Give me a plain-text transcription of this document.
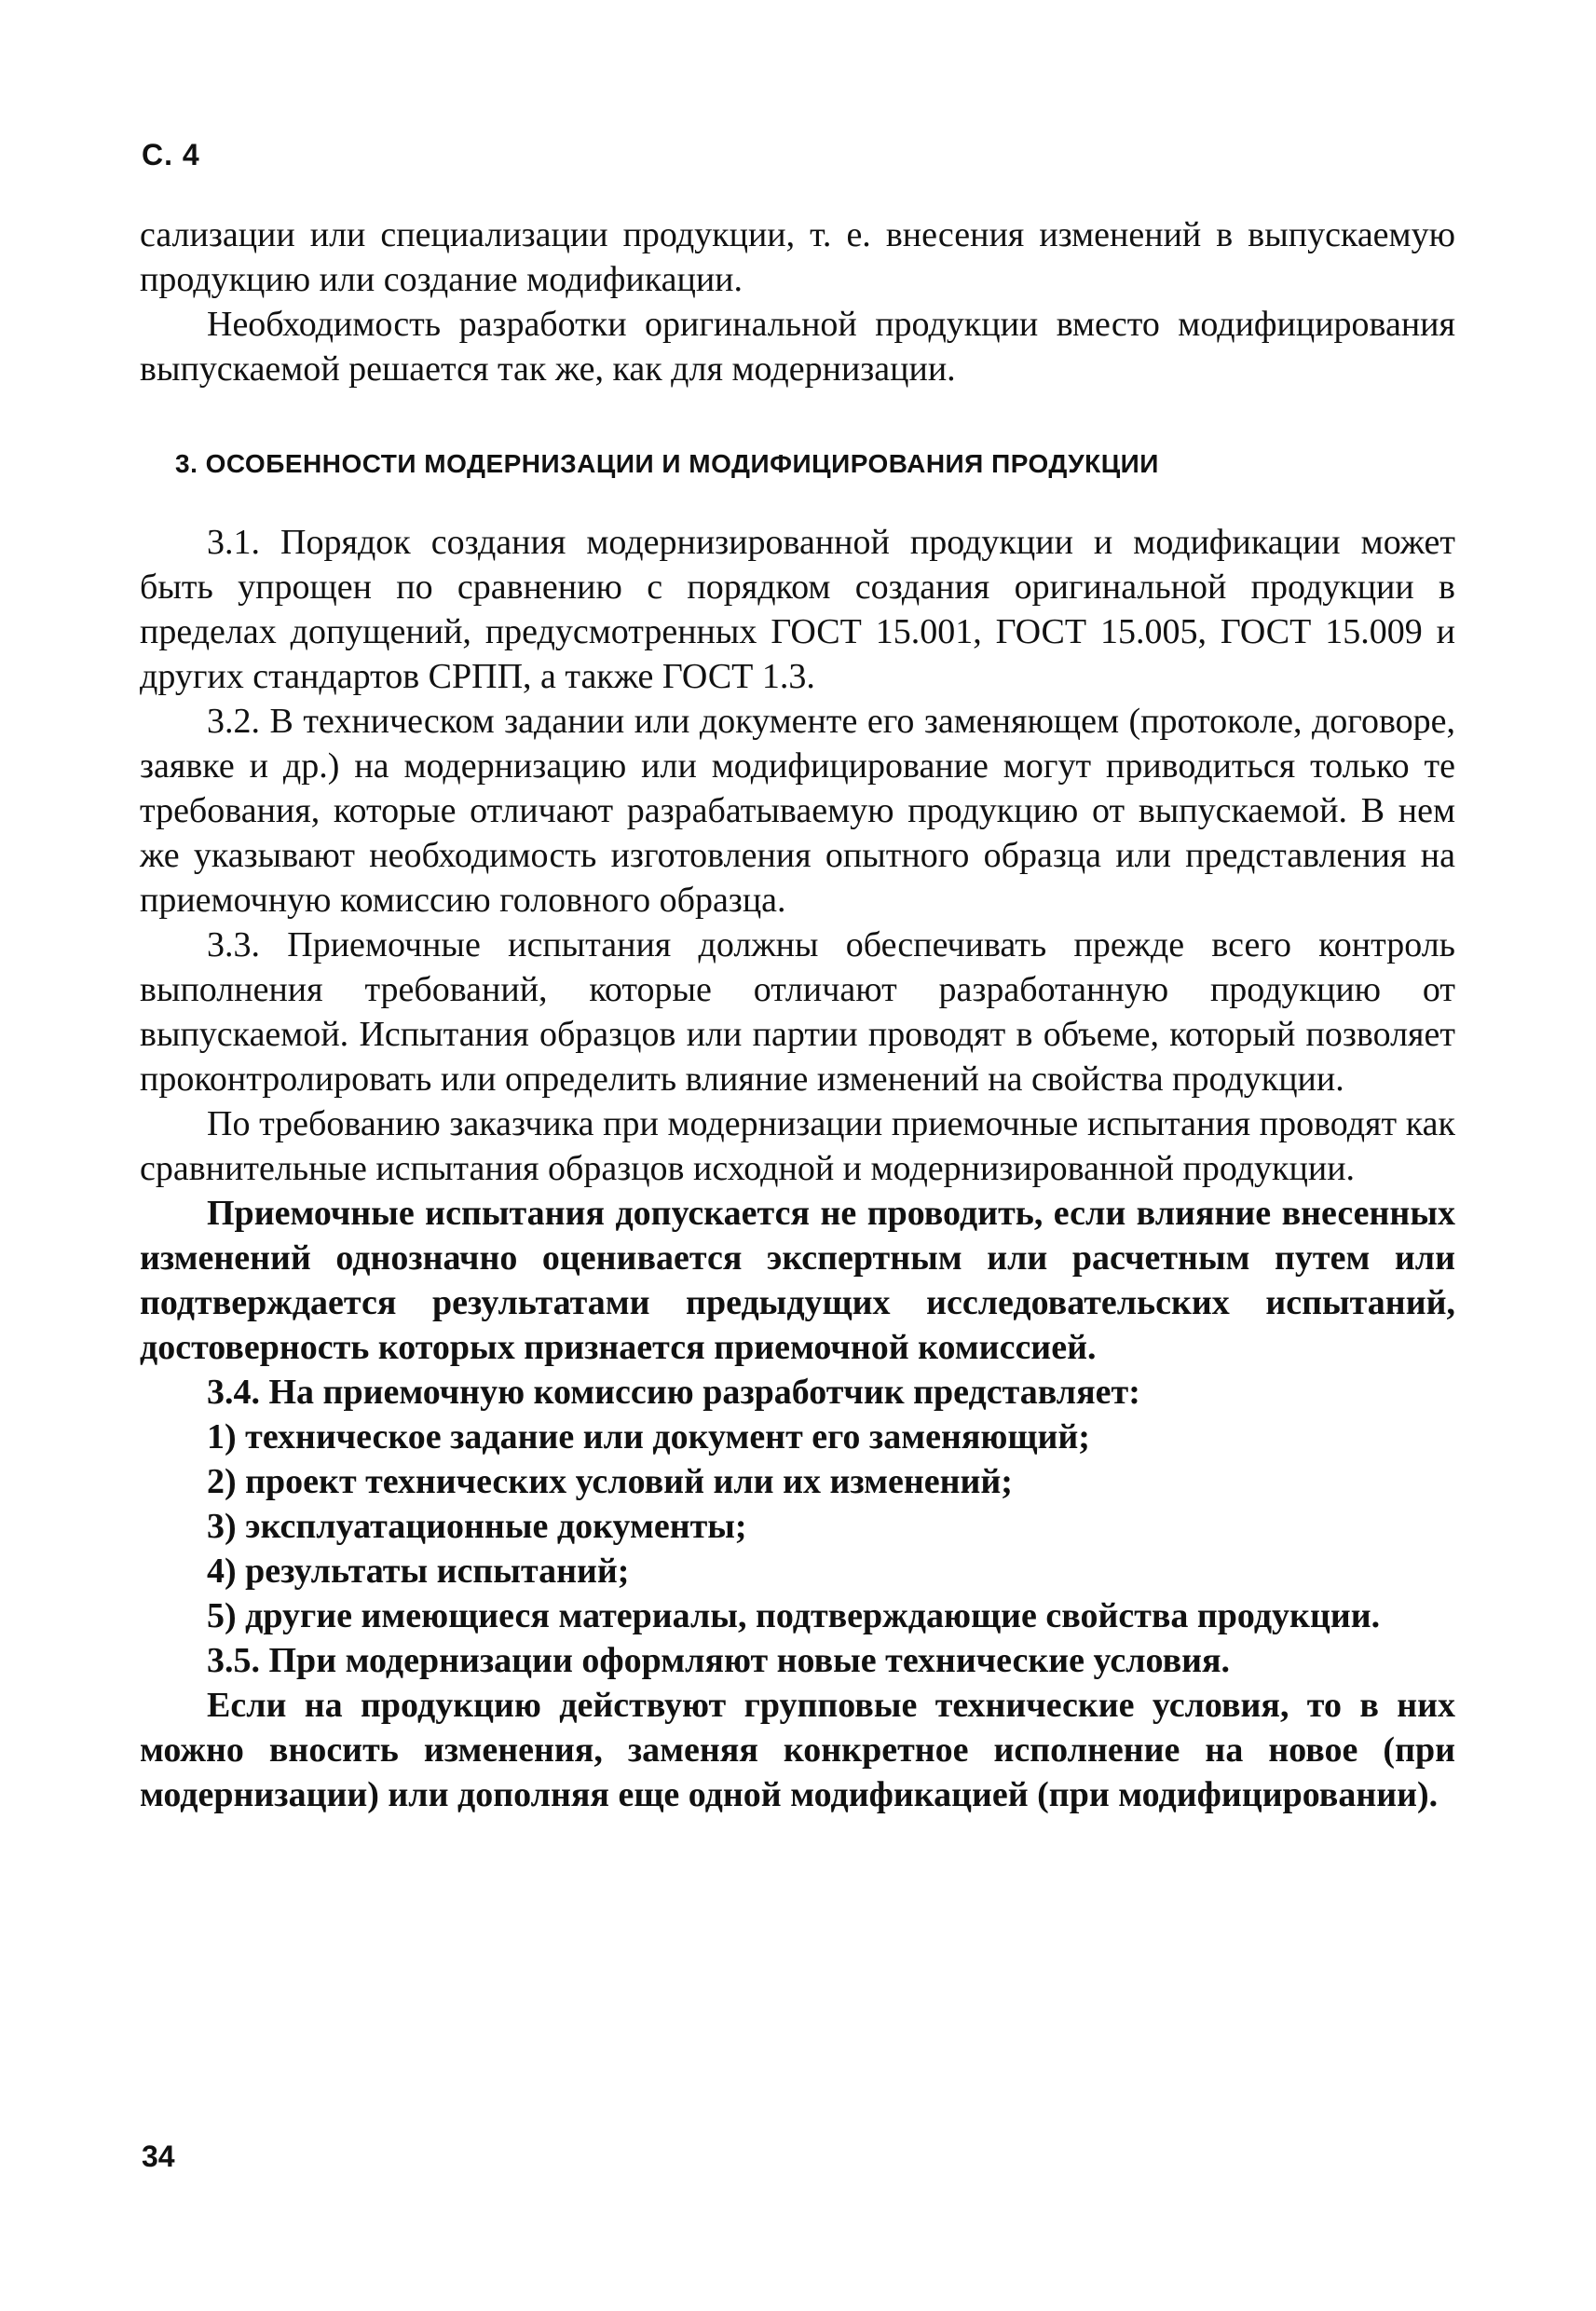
С. 4

сализации или специализации продукции, т. е. внесения изменений в выпускаемую продукцию или создание модификации.

Необходимость разработки оригинальной продукции вместо модифицирования выпускаемой решается так же, как для модернизации.

3. ОСОБЕННОСТИ МОДЕРНИЗАЦИИ И МОДИФИЦИРОВАНИЯ ПРОДУКЦИИ

3.1. Порядок создания модернизированной продукции и модификации может быть упрощен по сравнению с порядком создания оригинальной продукции в пределах допущений, предусмотренных ГОСТ 15.001, ГОСТ 15.005, ГОСТ 15.009 и других стандартов СРПП, а также ГОСТ 1.3.

3.2. В техническом задании или документе его заменяющем (протоколе, договоре, заявке и др.) на модернизацию или модифицирование могут приводиться только те требования, которые отличают разрабатываемую продукцию от выпускаемой. В нем же указывают необходимость изготовления опытного образца или представления на приемочную комиссию головного образца.

3.3. Приемочные испытания должны обеспечивать прежде всего контроль выполнения требований, которые отличают разработанную продукцию от выпускаемой. Испытания образцов или партии проводят в объеме, который позволяет проконтролировать или определить влияние изменений на свойства продукции.

По требованию заказчика при модернизации приемочные испытания проводят как сравнительные испытания образцов исходной и модернизированной продукции.

Приемочные испытания допускается не проводить, если влияние внесенных изменений однозначно оценивается экспертным или расчетным путем или подтверждается результатами предыдущих исследовательских испытаний, достоверность которых признается приемочной комиссией.

3.4. На приемочную комиссию разработчик представляет:

1) техническое задание или документ его заменяющий;

2) проект технических условий или их изменений;

3) эксплуатационные документы;

4) результаты испытаний;

5) другие имеющиеся материалы, подтверждающие свойства продукции.

3.5. При модернизации оформляют новые технические условия.

Если на продукцию действуют групповые технические условия, то в них можно вносить изменения, заменяя конкретное исполнение на новое (при модернизации) или дополняя еще одной модификацией (при модифицировании).

34
